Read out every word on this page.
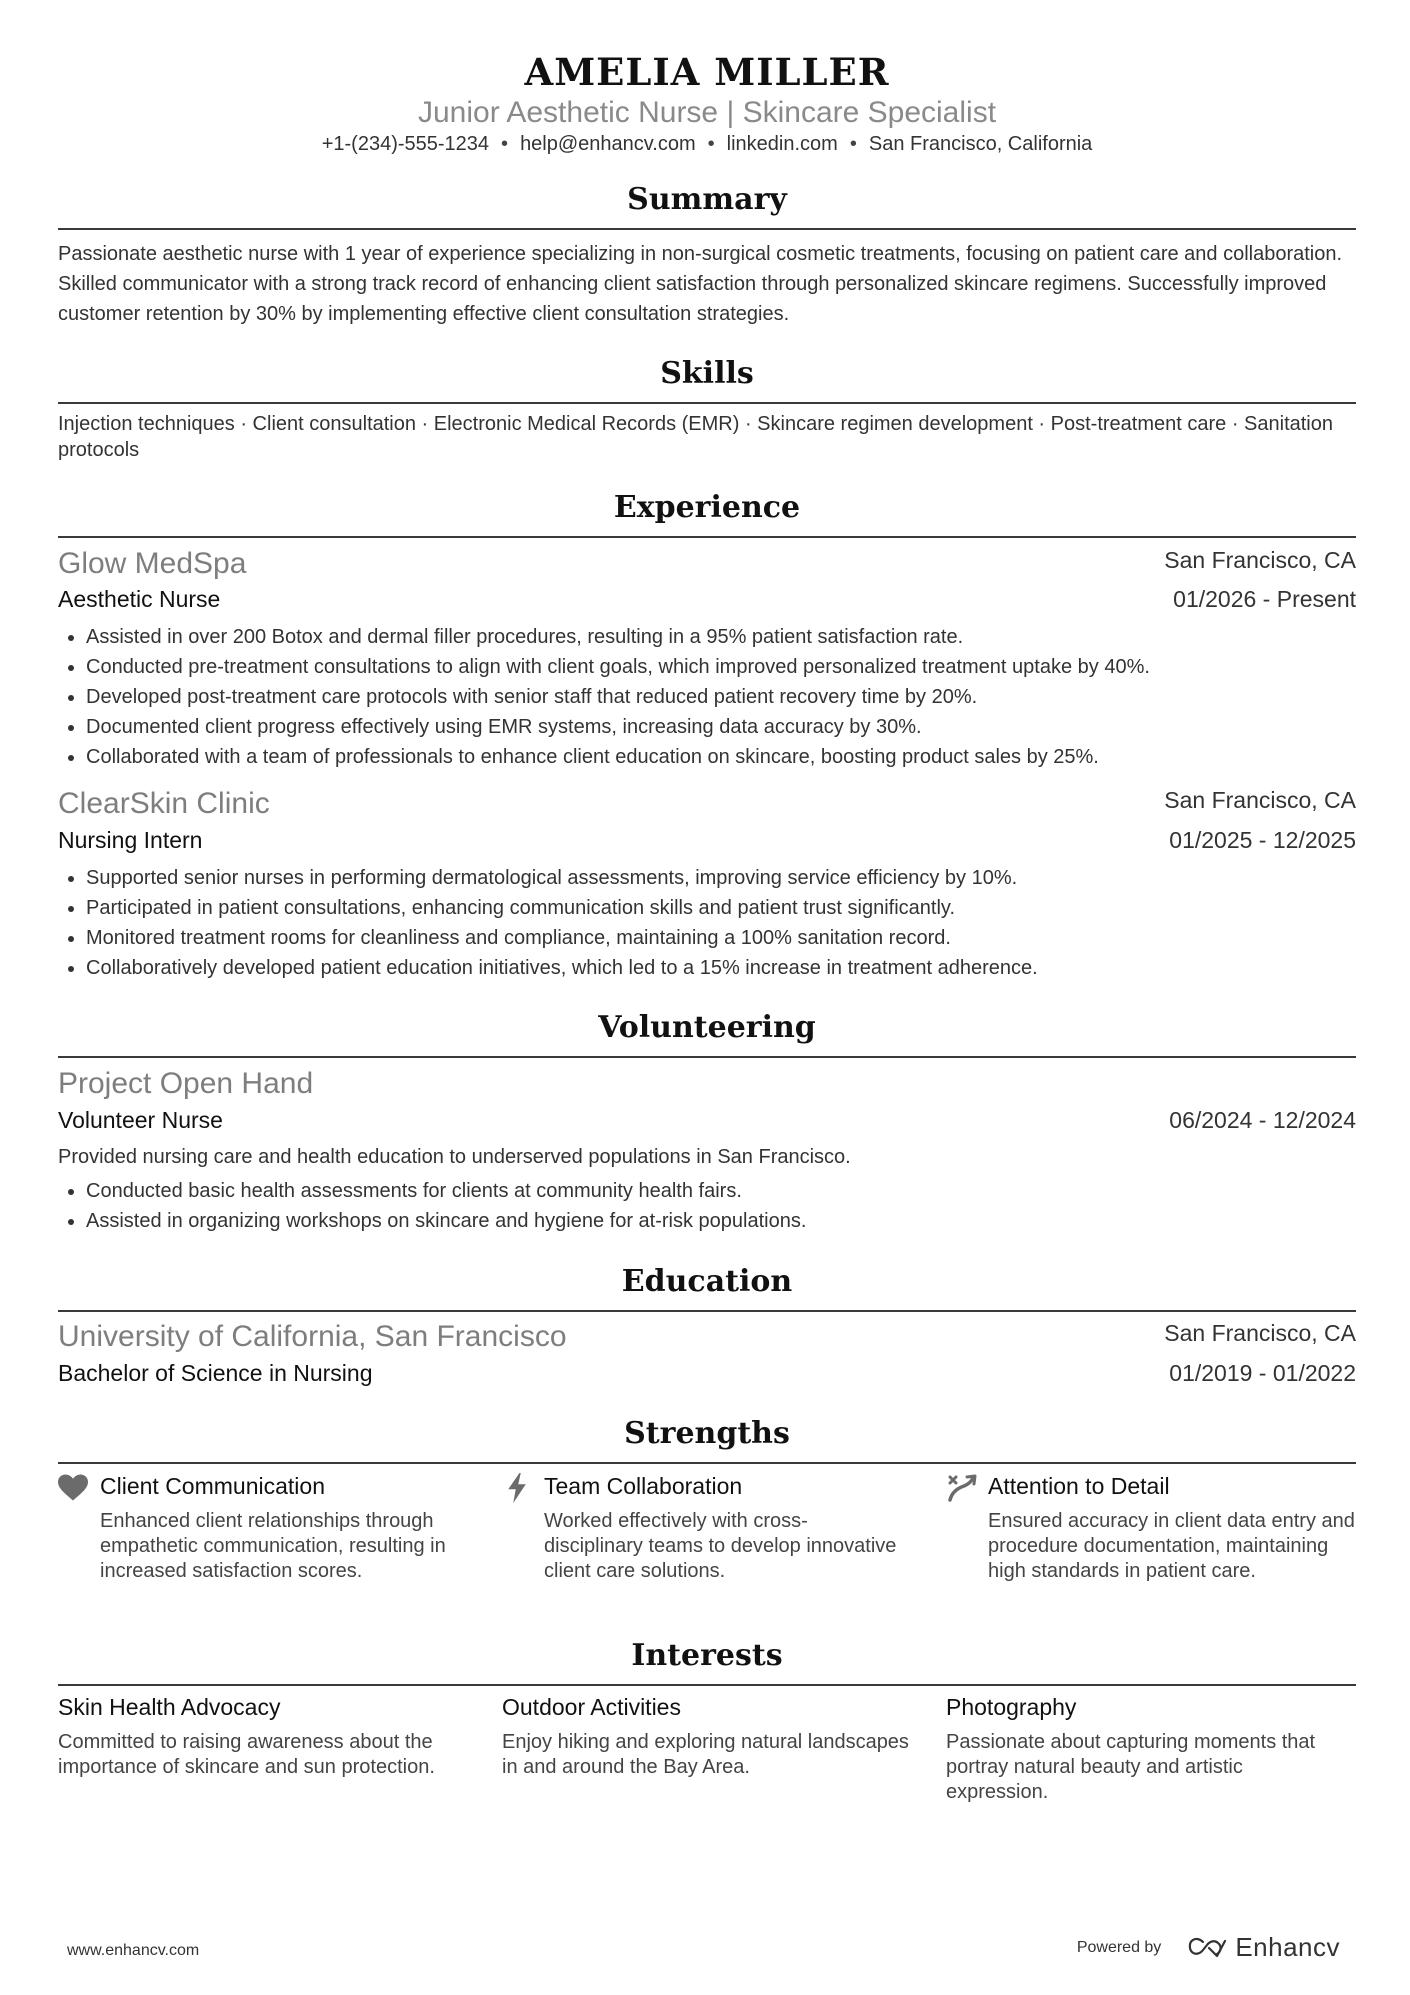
AMELIA MILLER
Junior Aesthetic Nurse | Skincare Specialist
+1-(234)-555-1234 • help@enhancv.com • linkedin.com • San Francisco, California
Summary
Passionate aesthetic nurse with 1 year of experience specializing in non-surgical cosmetic treatments, focusing on patient care and collaboration. Skilled communicator with a strong track record of enhancing client satisfaction through personalized skincare regimens. Successfully improved customer retention by 30% by implementing effective client consultation strategies.
Skills
Injection techniques · Client consultation · Electronic Medical Records (EMR) · Skincare regimen development · Post-treatment care · Sanitation protocols
Experience
Glow MedSpa	San Francisco, CA
Aesthetic Nurse	01/2026 - Present
• Assisted in over 200 Botox and dermal filler procedures, resulting in a 95% patient satisfaction rate.
• Conducted pre-treatment consultations to align with client goals, which improved personalized treatment uptake by 40%.
• Developed post-treatment care protocols with senior staff that reduced patient recovery time by 20%.
• Documented client progress effectively using EMR systems, increasing data accuracy by 30%.
• Collaborated with a team of professionals to enhance client education on skincare, boosting product sales by 25%.
ClearSkin Clinic	San Francisco, CA
Nursing Intern	01/2025 - 12/2025
• Supported senior nurses in performing dermatological assessments, improving service efficiency by 10%.
• Participated in patient consultations, enhancing communication skills and patient trust significantly.
• Monitored treatment rooms for cleanliness and compliance, maintaining a 100% sanitation record.
• Collaboratively developed patient education initiatives, which led to a 15% increase in treatment adherence.
Volunteering
Project Open Hand
Volunteer Nurse	06/2024 - 12/2024
Provided nursing care and health education to underserved populations in San Francisco.
• Conducted basic health assessments for clients at community health fairs.
• Assisted in organizing workshops on skincare and hygiene for at-risk populations.
Education
University of California, San Francisco	San Francisco, CA
Bachelor of Science in Nursing	01/2019 - 01/2022
Strengths
Client Communication
Enhanced client relationships through empathetic communication, resulting in increased satisfaction scores.
Team Collaboration
Worked effectively with cross-disciplinary teams to develop innovative client care solutions.
Attention to Detail
Ensured accuracy in client data entry and procedure documentation, maintaining high standards in patient care.
Interests
Skin Health Advocacy
Committed to raising awareness about the importance of skincare and sun protection.
Outdoor Activities
Enjoy hiking and exploring natural landscapes in and around the Bay Area.
Photography
Passionate about capturing moments that portray natural beauty and artistic expression.
www.enhancv.com	Powered by	Enhancv
